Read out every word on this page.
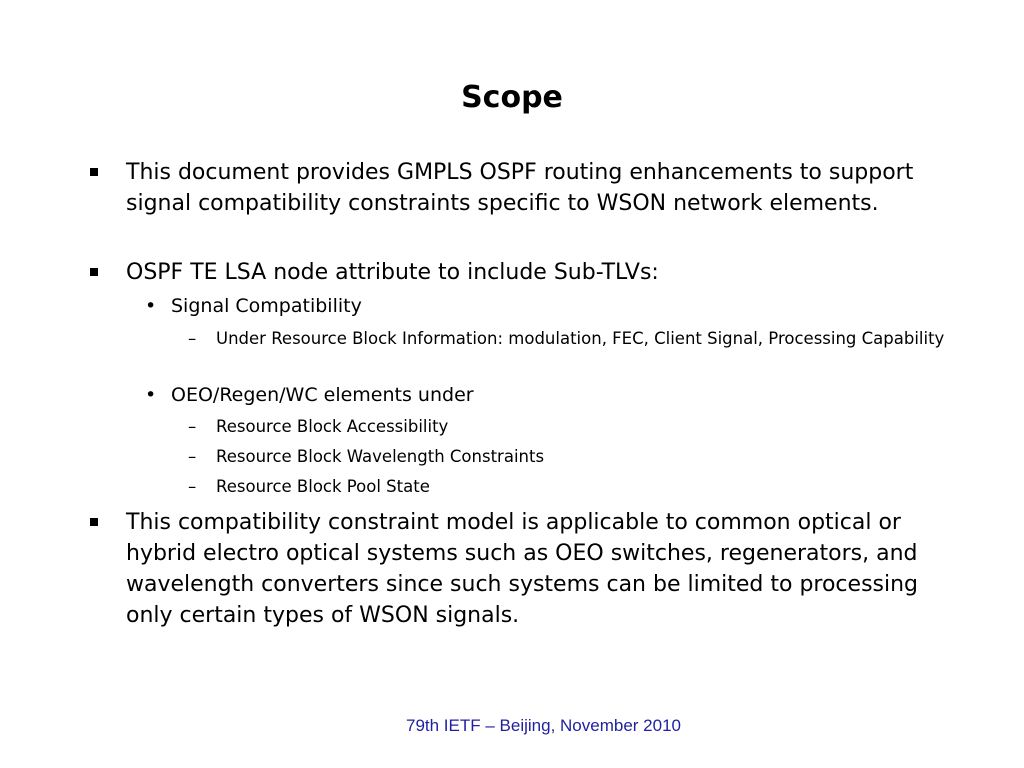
Scope
This document provides GMPLS OSPF routing enhancements to support signal compatibility constraints specific to WSON network elements.
OSPF TE LSA node attribute to include Sub-TLVs:
• Signal Compatibility
– Under Resource Block Information: modulation, FEC, Client Signal, Processing Capability
• OEO/Regen/WC elements under
– Resource Block Accessibility
– Resource Block Wavelength Constraints
– Resource Block Pool State
This compatibility constraint model is applicable to common optical or hybrid electro optical systems such as OEO switches, regenerators, and wavelength converters since such systems can be limited to processing only certain types of WSON signals.
79th IETF – Beijing, November 2010
